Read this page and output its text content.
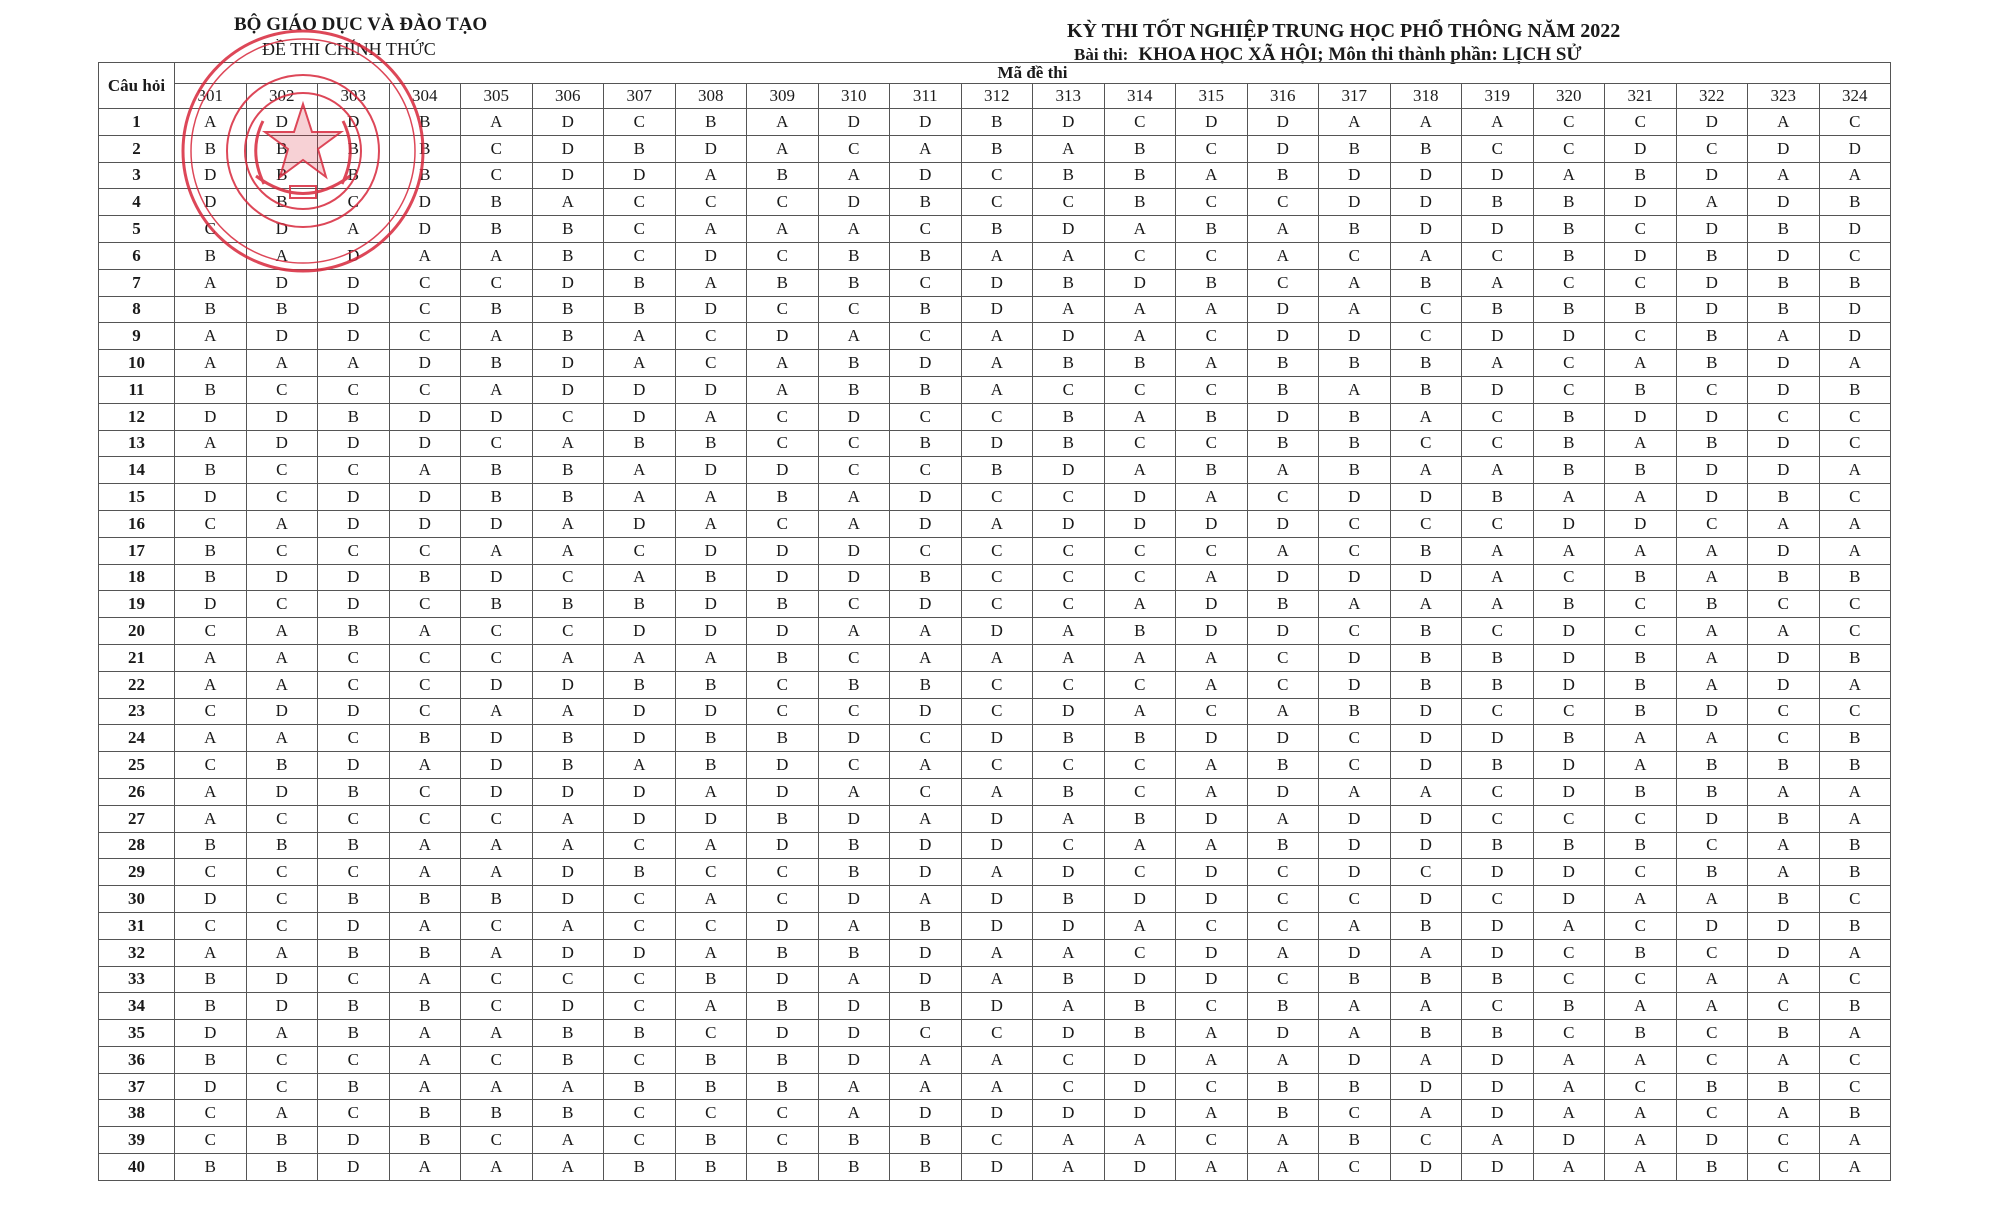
BỘ GIÁO DỤC VÀ ĐÀO TẠO
ĐỀ THI CHÍNH THỨC
KỲ THI TỐT NGHIỆP TRUNG HỌC PHỔ THÔNG NĂM 2022
Bài thi: KHOA HỌC XÃ HỘI; Môn thi thành phần: LỊCH SỬ
Câu hỏi	Mã đề thi																							
	301	302	303	304	305	306	307	308	309	310	311	312	313	314	315	316	317	318	319	320	321	322	323	324
1	A	D	D	B	A	D	C	B	A	D	D	B	D	C	D	D	A	A	A	C	C	D	A	C
2	B	B	B	B	C	D	B	D	A	C	A	B	A	B	C	D	B	B	C	C	D	C	D	D
3	D	B	B	B	C	D	D	A	B	A	D	C	B	B	A	B	D	D	D	A	B	D	A	A
4	D	B	C	D	B	A	C	C	C	D	B	C	C	B	C	C	D	D	B	B	D	A	D	B
5	C	D	A	D	B	B	C	A	A	A	C	B	D	A	B	A	B	D	D	B	C	D	B	D
6	B	A	D	A	A	B	C	D	C	B	B	A	A	C	C	A	C	A	C	B	D	B	D	C
7	A	D	D	C	C	D	B	A	B	B	C	D	B	D	B	C	A	B	A	C	C	D	B	B
8	B	B	D	C	B	B	B	D	C	C	B	D	A	A	A	D	A	C	B	B	B	D	B	D
9	A	D	D	C	A	B	A	C	D	A	C	A	D	A	C	D	D	C	D	D	C	B	A	D
10	A	A	A	D	B	D	A	C	A	B	D	A	B	B	A	B	B	B	A	C	A	B	D	A
11	B	C	C	C	A	D	D	D	A	B	B	A	C	C	C	B	A	B	D	C	B	C	D	B
12	D	D	B	D	D	C	D	A	C	D	C	C	B	A	B	D	B	A	C	B	D	D	C	C
13	A	D	D	D	C	A	B	B	C	C	B	D	B	C	C	B	B	C	C	B	A	B	D	C
14	B	C	C	A	B	B	A	D	D	C	C	B	D	A	B	A	B	A	A	B	B	D	D	A
15	D	C	D	D	B	B	A	A	B	A	D	C	C	D	A	C	D	D	B	A	A	D	B	C
16	C	A	D	D	D	A	D	A	C	A	D	A	D	D	D	D	C	C	C	D	D	C	A	A
17	B	C	C	C	A	A	C	D	D	D	C	C	C	C	C	A	C	B	A	A	A	A	D	A
18	B	D	D	B	D	C	A	B	D	D	B	C	C	C	A	D	D	D	A	C	B	A	B	B
19	D	C	D	C	B	B	B	D	B	C	D	C	C	A	D	B	A	A	A	B	C	B	C	C
20	C	A	B	A	C	C	D	D	D	A	A	D	A	B	D	D	C	B	C	D	C	A	A	C
21	A	A	C	C	C	A	A	A	B	C	A	A	A	A	A	C	D	B	B	D	B	A	D	B
22	A	A	C	C	D	D	B	B	C	B	B	C	C	C	A	C	D	B	B	D	B	A	D	A
23	C	D	D	C	A	A	D	D	C	C	D	C	D	A	C	A	B	D	C	C	B	D	C	C
24	A	A	C	B	D	B	D	B	B	D	C	D	B	B	D	D	C	D	D	B	A	A	C	B
25	C	B	D	A	D	B	A	B	D	C	A	C	C	C	A	B	C	D	B	D	A	B	B	B
26	A	D	B	C	D	D	D	A	D	A	C	A	B	C	A	D	A	A	C	D	B	B	A	A
27	A	C	C	C	C	A	D	D	B	D	A	D	A	B	D	A	D	D	C	C	C	D	B	A
28	B	B	B	A	A	A	C	A	D	B	D	D	C	A	A	B	D	D	B	B	B	C	A	B
29	C	C	C	A	A	D	B	C	C	B	D	A	D	C	D	C	D	C	D	D	C	B	A	B
30	D	C	B	B	B	D	C	A	C	D	A	D	B	D	D	C	C	D	C	D	A	A	B	C
31	C	C	D	A	C	A	C	C	D	A	B	D	D	A	C	C	A	B	D	A	C	D	D	B
32	A	A	B	B	A	D	D	A	B	B	D	A	A	C	D	A	D	A	D	C	B	C	D	A
33	B	D	C	A	C	C	C	B	D	A	D	A	B	D	D	C	B	B	B	C	C	A	A	C
34	B	D	B	B	C	D	C	A	B	D	B	D	A	B	C	B	A	A	C	B	A	A	C	B
35	D	A	B	A	A	B	B	C	D	D	C	C	D	B	A	D	A	B	B	C	B	C	B	A
36	B	C	C	A	C	B	C	B	B	D	A	A	C	D	A	A	D	A	D	A	A	C	A	C
37	D	C	B	A	A	A	B	B	B	A	A	A	C	D	C	B	B	D	D	A	C	B	B	C
38	C	A	C	B	B	B	C	C	C	A	D	D	D	D	A	B	C	A	D	A	A	C	A	B
39	C	B	D	B	C	A	C	B	C	B	B	C	A	A	C	A	B	C	A	D	A	D	C	A
40	B	B	D	A	A	A	B	B	B	B	B	D	A	D	A	A	C	D	D	A	A	B	C	A
